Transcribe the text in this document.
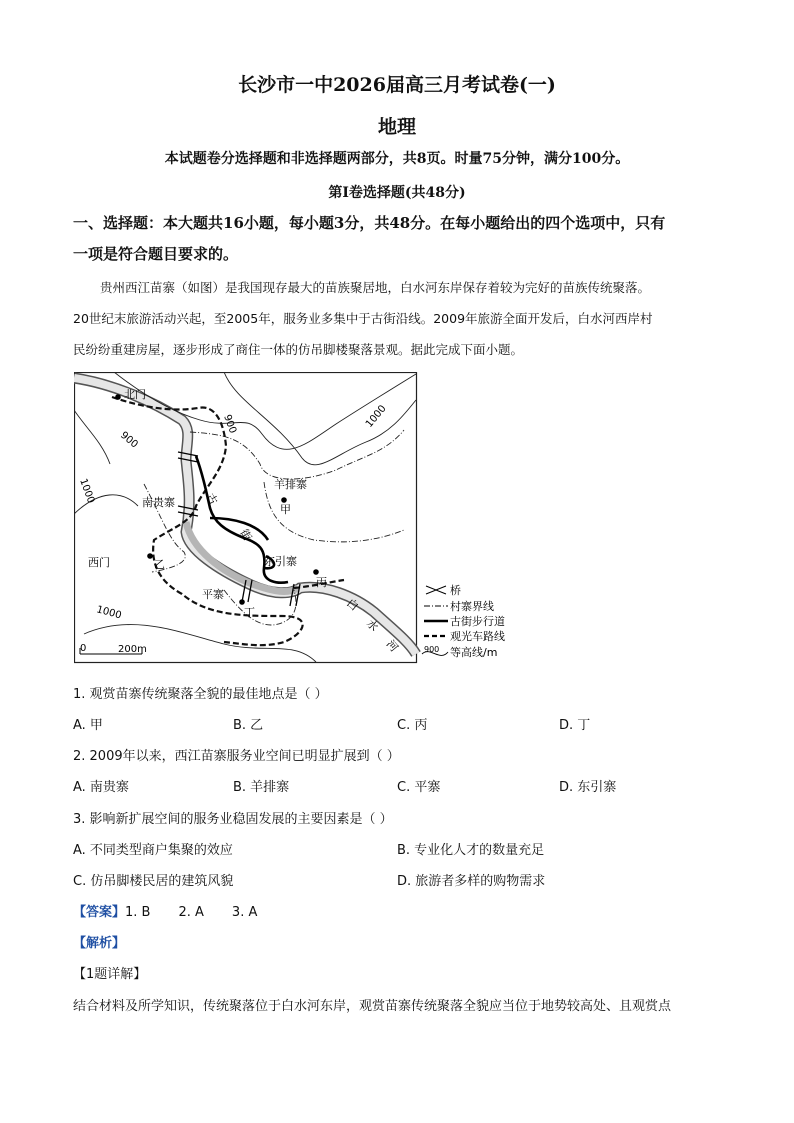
长沙市一中2026届高三月考试卷(一)
地理
本试题卷分选择题和非选择题两部分，共8页。时量75分钟，满分100分。
第Ⅰ卷选择题(共48分)
一、选择题：本大题共16小题，每小题3分，共48分。在每小题给出的四个选项中，只有
一项是符合题目要求的。
贵州西江苗寨（如图）是我国现存最大的苗族聚居地，白水河东岸保存着较为完好的苗族传统聚落。
20世纪末旅游活动兴起，至2005年，服务业多集中于古街沿线。2009年旅游全面开发后，白水河西岸村
民纷纷重建房屋，逐步形成了商住一体的仿吊脚楼聚落景观。据此完成下面小题。
北门
南贵寨
西门
羊排寨
东引寨
平寨
甲
乙
丙
丁
古
街
白
水
河
900
900	1000
1000
1000
0	200m
桥
村寨界线
古街步行道
观光车路线
900 等高线/m
1. 观赏苗寨传统聚落全貌的最佳地点是（ ）
A. 甲	B. 乙	C. 丙	D. 丁
2. 2009年以来，西江苗寨服务业空间已明显扩展到（ ）
A. 南贵寨	B. 羊排寨	C. 平寨	D. 东引寨
3. 影响新扩展空间的服务业稳固发展的主要因素是（ ）
A. 不同类型商户集聚的效应	B. 专业化人才的数量充足
C. 仿吊脚楼民居的建筑风貌	D. 旅游者多样的购物需求
【答案】1. B 2. A 3. A
【解析】
【1题详解】
结合材料及所学知识，传统聚落位于白水河东岸，观赏苗寨传统聚落全貌应当位于地势较高处、且观赏点
